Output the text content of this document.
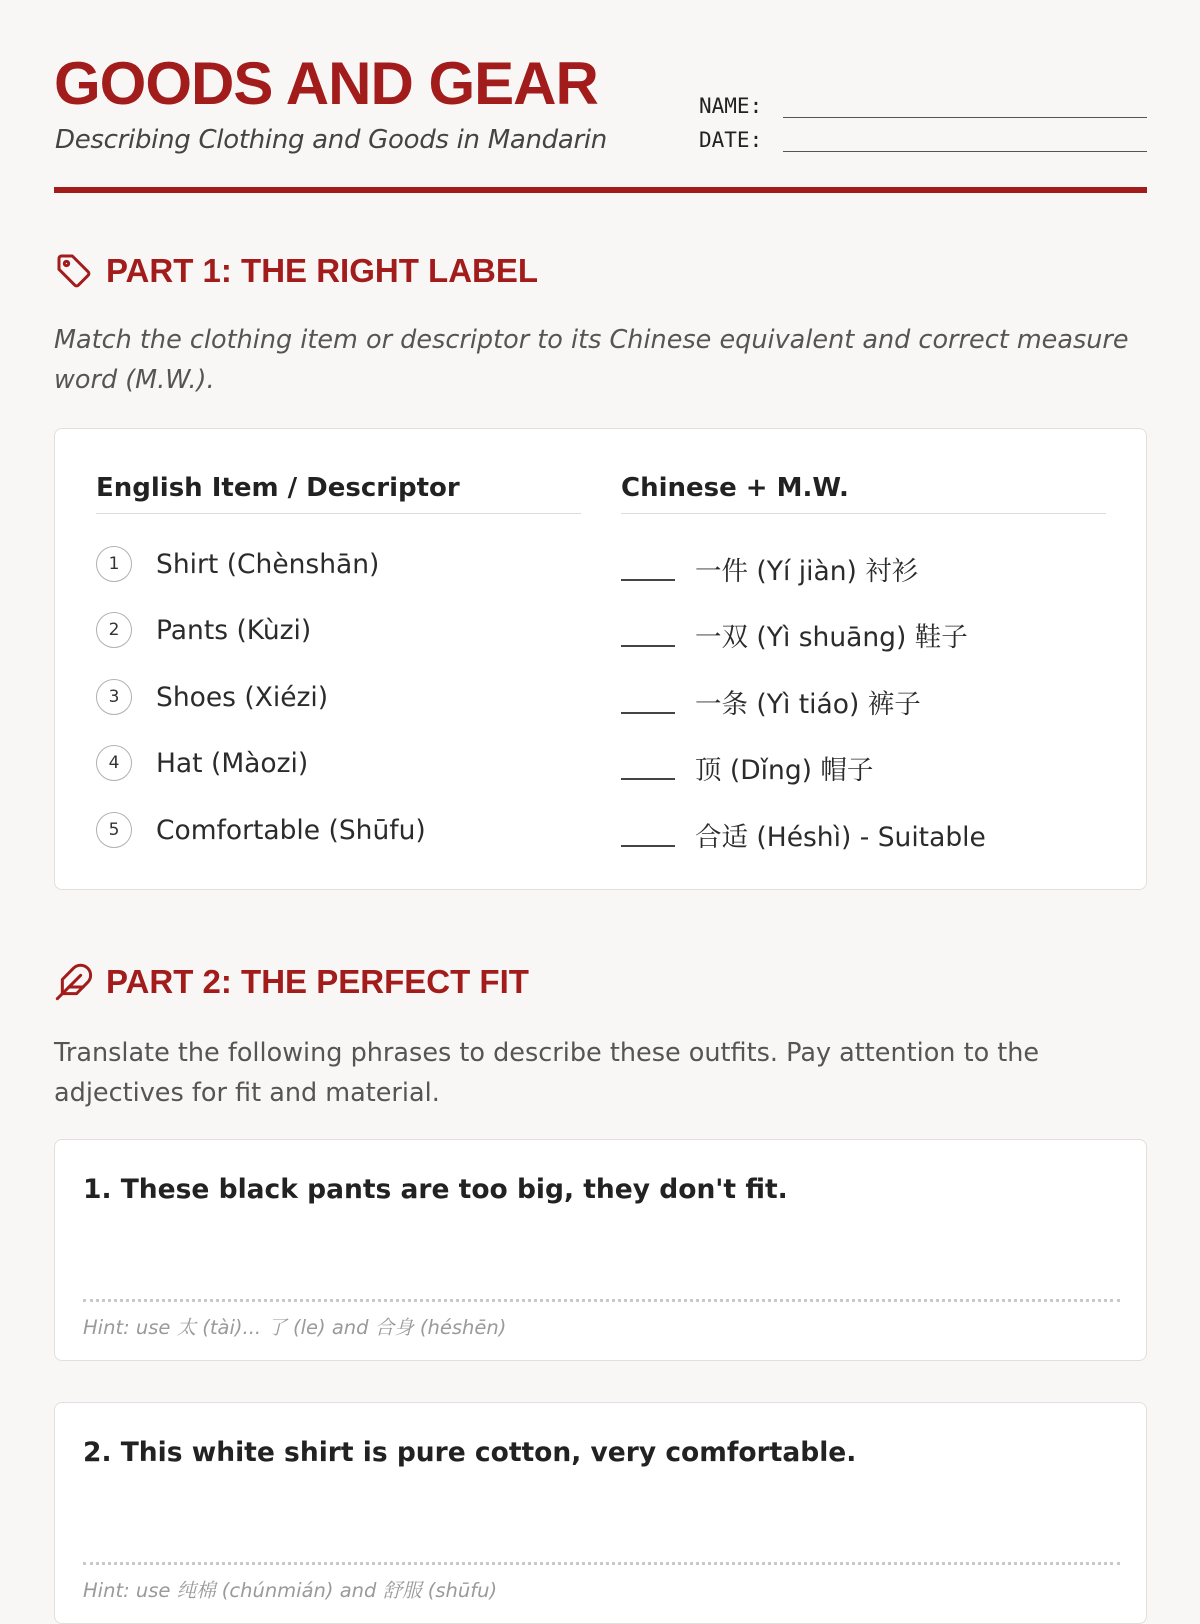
GOODS AND GEAR
Describing Clothing and Goods in Mandarin
NAME:
DATE:
PART 1: THE RIGHT LABEL
Match the clothing item or descriptor to its Chinese equivalent and correct measure word (M.W.).
English Item / Descriptor	Chinese + M.W.
1	Shirt (Chènshān)	一件 (Yí jiàn) 衬衫
2	Pants (Kùzi)	一双 (Yì shuāng) 鞋子
3	Shoes (Xiézi)	一条 (Yì tiáo) 裤子
4	Hat (Màozi)	顶 (Dǐng) 帽子
5	Comfortable (Shūfu)	合适 (Héshì) - Suitable
PART 2: THE PERFECT FIT
Translate the following phrases to describe these outfits. Pay attention to the adjectives for fit and material.
1. These black pants are too big, they don't fit.
Hint: use 太 (tài)... 了 (le) and 合身 (héshēn)
2. This white shirt is pure cotton, very comfortable.
Hint: use 纯棉 (chúnmián) and 舒服 (shūfu)
